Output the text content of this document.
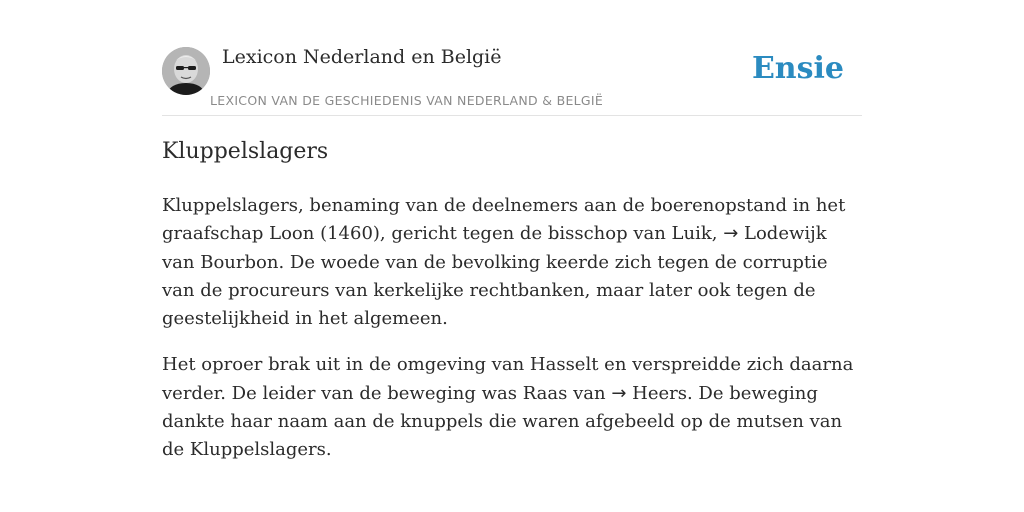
Lexicon Nederland en België
LEXICON VAN DE GESCHIEDENIS VAN NEDERLAND & BELGIË
Ensie
Kluppelslagers

Kluppelslagers, benaming van de deelnemers aan de boerenopstand in het graafschap Loon (1460), gericht tegen de bisschop van Luik, → Lodewijk van Bourbon. De woede van de bevolking keerde zich tegen de corruptie van de procureurs van kerkelijke rechtbanken, maar later ook tegen de geestelijkheid in het algemeen.

Het oproer brak uit in de omgeving van Hasselt en verspreidde zich daarna verder. De leider van de beweging was Raas van → Heers. De beweging dankte haar naam aan de knuppels die waren afgebeeld op de mutsen van de Kluppelslagers.
